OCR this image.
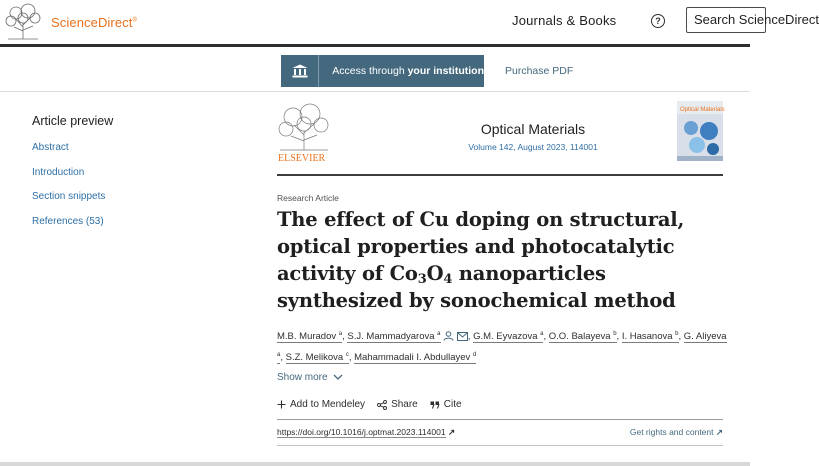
ScienceDirect®	Journals & Books	?	Search ScienceDirect
Access through your institution Purchase PDF
Article preview
Abstract
Introduction
Section snippets
References (53)
ELSEVIER
Optical Materials
Volume 142, August 2023, 114001
Optical Materials
Research Article
The effect of Cu doping on structural, optical properties and photocatalytic activity of $Co_3O_4$ nanoparticles synthesized by sonochemical method
M.B. Muradov $^a$, S.J. Mammadyarova $^a$	, G.M. Eyvazova $^a$, O.O. Balayeva $^b$, I. Hasanova $^b$, G. Aliyeva $^a$, S.Z. Melikova $^c$, Mahammadali I. Abdullayev $^d$
Show more
Add to Mendeley	Share	Cite
https://doi.org/10.1016/j.optmat.2023.114001 ↗	Get rights and content ↗
